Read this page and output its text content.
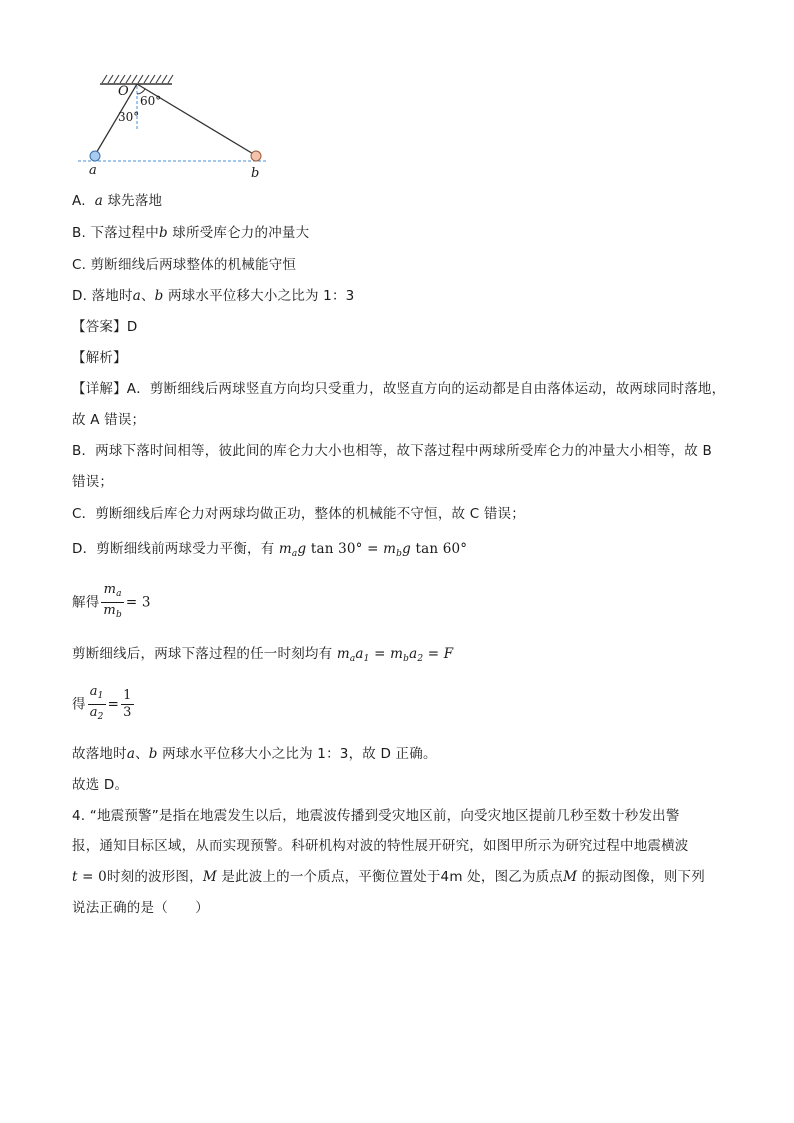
O
60°
30°
a	b
A. a 球先落地
B. 下落过程中b 球所受库仑力的冲量大
C. 剪断细线后两球整体的机械能守恒
D. 落地时a、b 两球水平位移大小之比为 1：3
【答案】D
【解析】
【详解】A．剪断细线后两球竖直方向均只受重力，故竖直方向的运动都是自由落体运动，故两球同时落地，
故 A 错误；
B．两球下落时间相等，彼此间的库仑力大小也相等，故下落过程中两球所受库仑力的冲量大小相等，故 B
错误；
C．剪断细线后库仑力对两球均做正功，整体的机械能不守恒，故 C 错误；
D．剪断细线前两球受力平衡，有 $m_ag$ $\tan 30^\circ = m_bg$ tan 60°
解得 $\frac{m_a}{m_b} = 3$
剪断细线后，两球下落过程的任一时刻均有 $m_aa_1 = m_ba_2 = F$
得 $\frac{a_1}{a_2} = \frac{1}{3}$
故落地时a、b 两球水平位移大小之比为 1：3，故 D 正确。
故选 D。
4. “地震预警”是指在地震发生以后，地震波传播到受灾地区前，向受灾地区提前几秒至数十秒发出警
报，通知目标区域，从而实现预警。科研机构对波的特性展开研究，如图甲所示为研究过程中地震横波
t = 0时刻的波形图，M 是此波上的一个质点，平衡位置处于4m 处，图乙为质点M 的振动图像，则下列
说法正确的是（　　）
